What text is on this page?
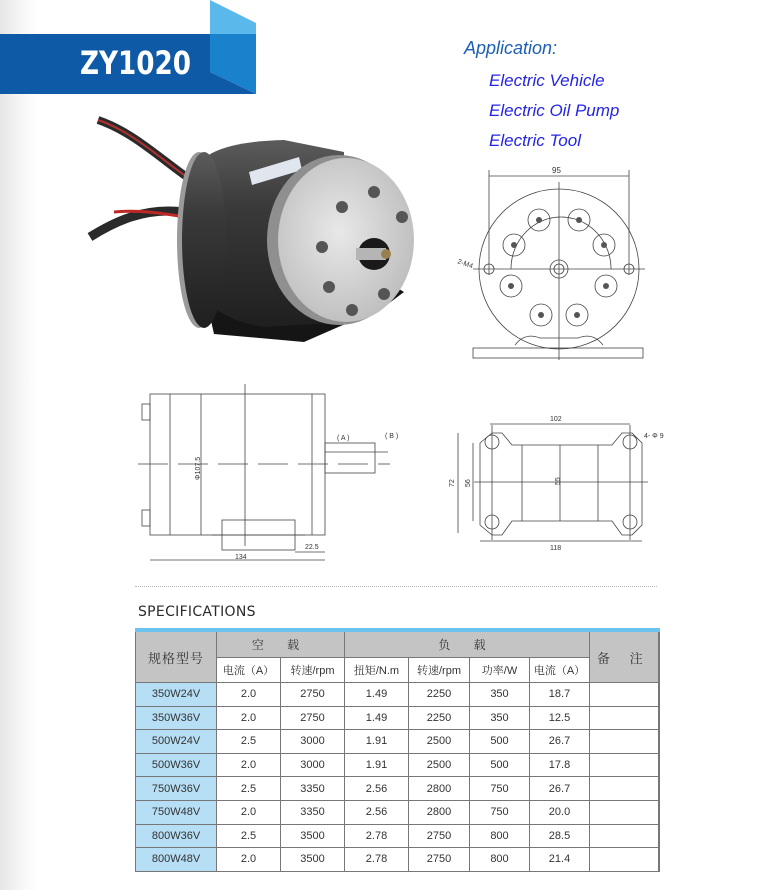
ZY1020	Application:
Electric Vehicle
Electric Oil Pump
Electric Tool
95
2-M4
( A )	( B )
Φ107.5
134
22.5
102
118
4- Φ 9
72 56	55
SPECIFICATIONS
规格型号	空 载		负 载				备 注
	电流（A）	转速/rpm	扭矩/N.m	转速/rpm	功率/W	电流（A）	
350W24V	2.0	2750	1.49	2250	350	18.7	
350W36V	2.0	2750	1.49	2250	350	12.5	
500W24V	2.5	3000	1.91	2500	500	26.7	
500W36V	2.0	3000	1.91	2500	500	17.8	
750W36V	2.5	3350	2.56	2800	750	26.7	
750W48V	2.0	3350	2.56	2800	750	20.0	
800W36V	2.5	3500	2.78	2750	800	28.5	
800W48V	2.0	3500	2.78	2750	800	21.4	
